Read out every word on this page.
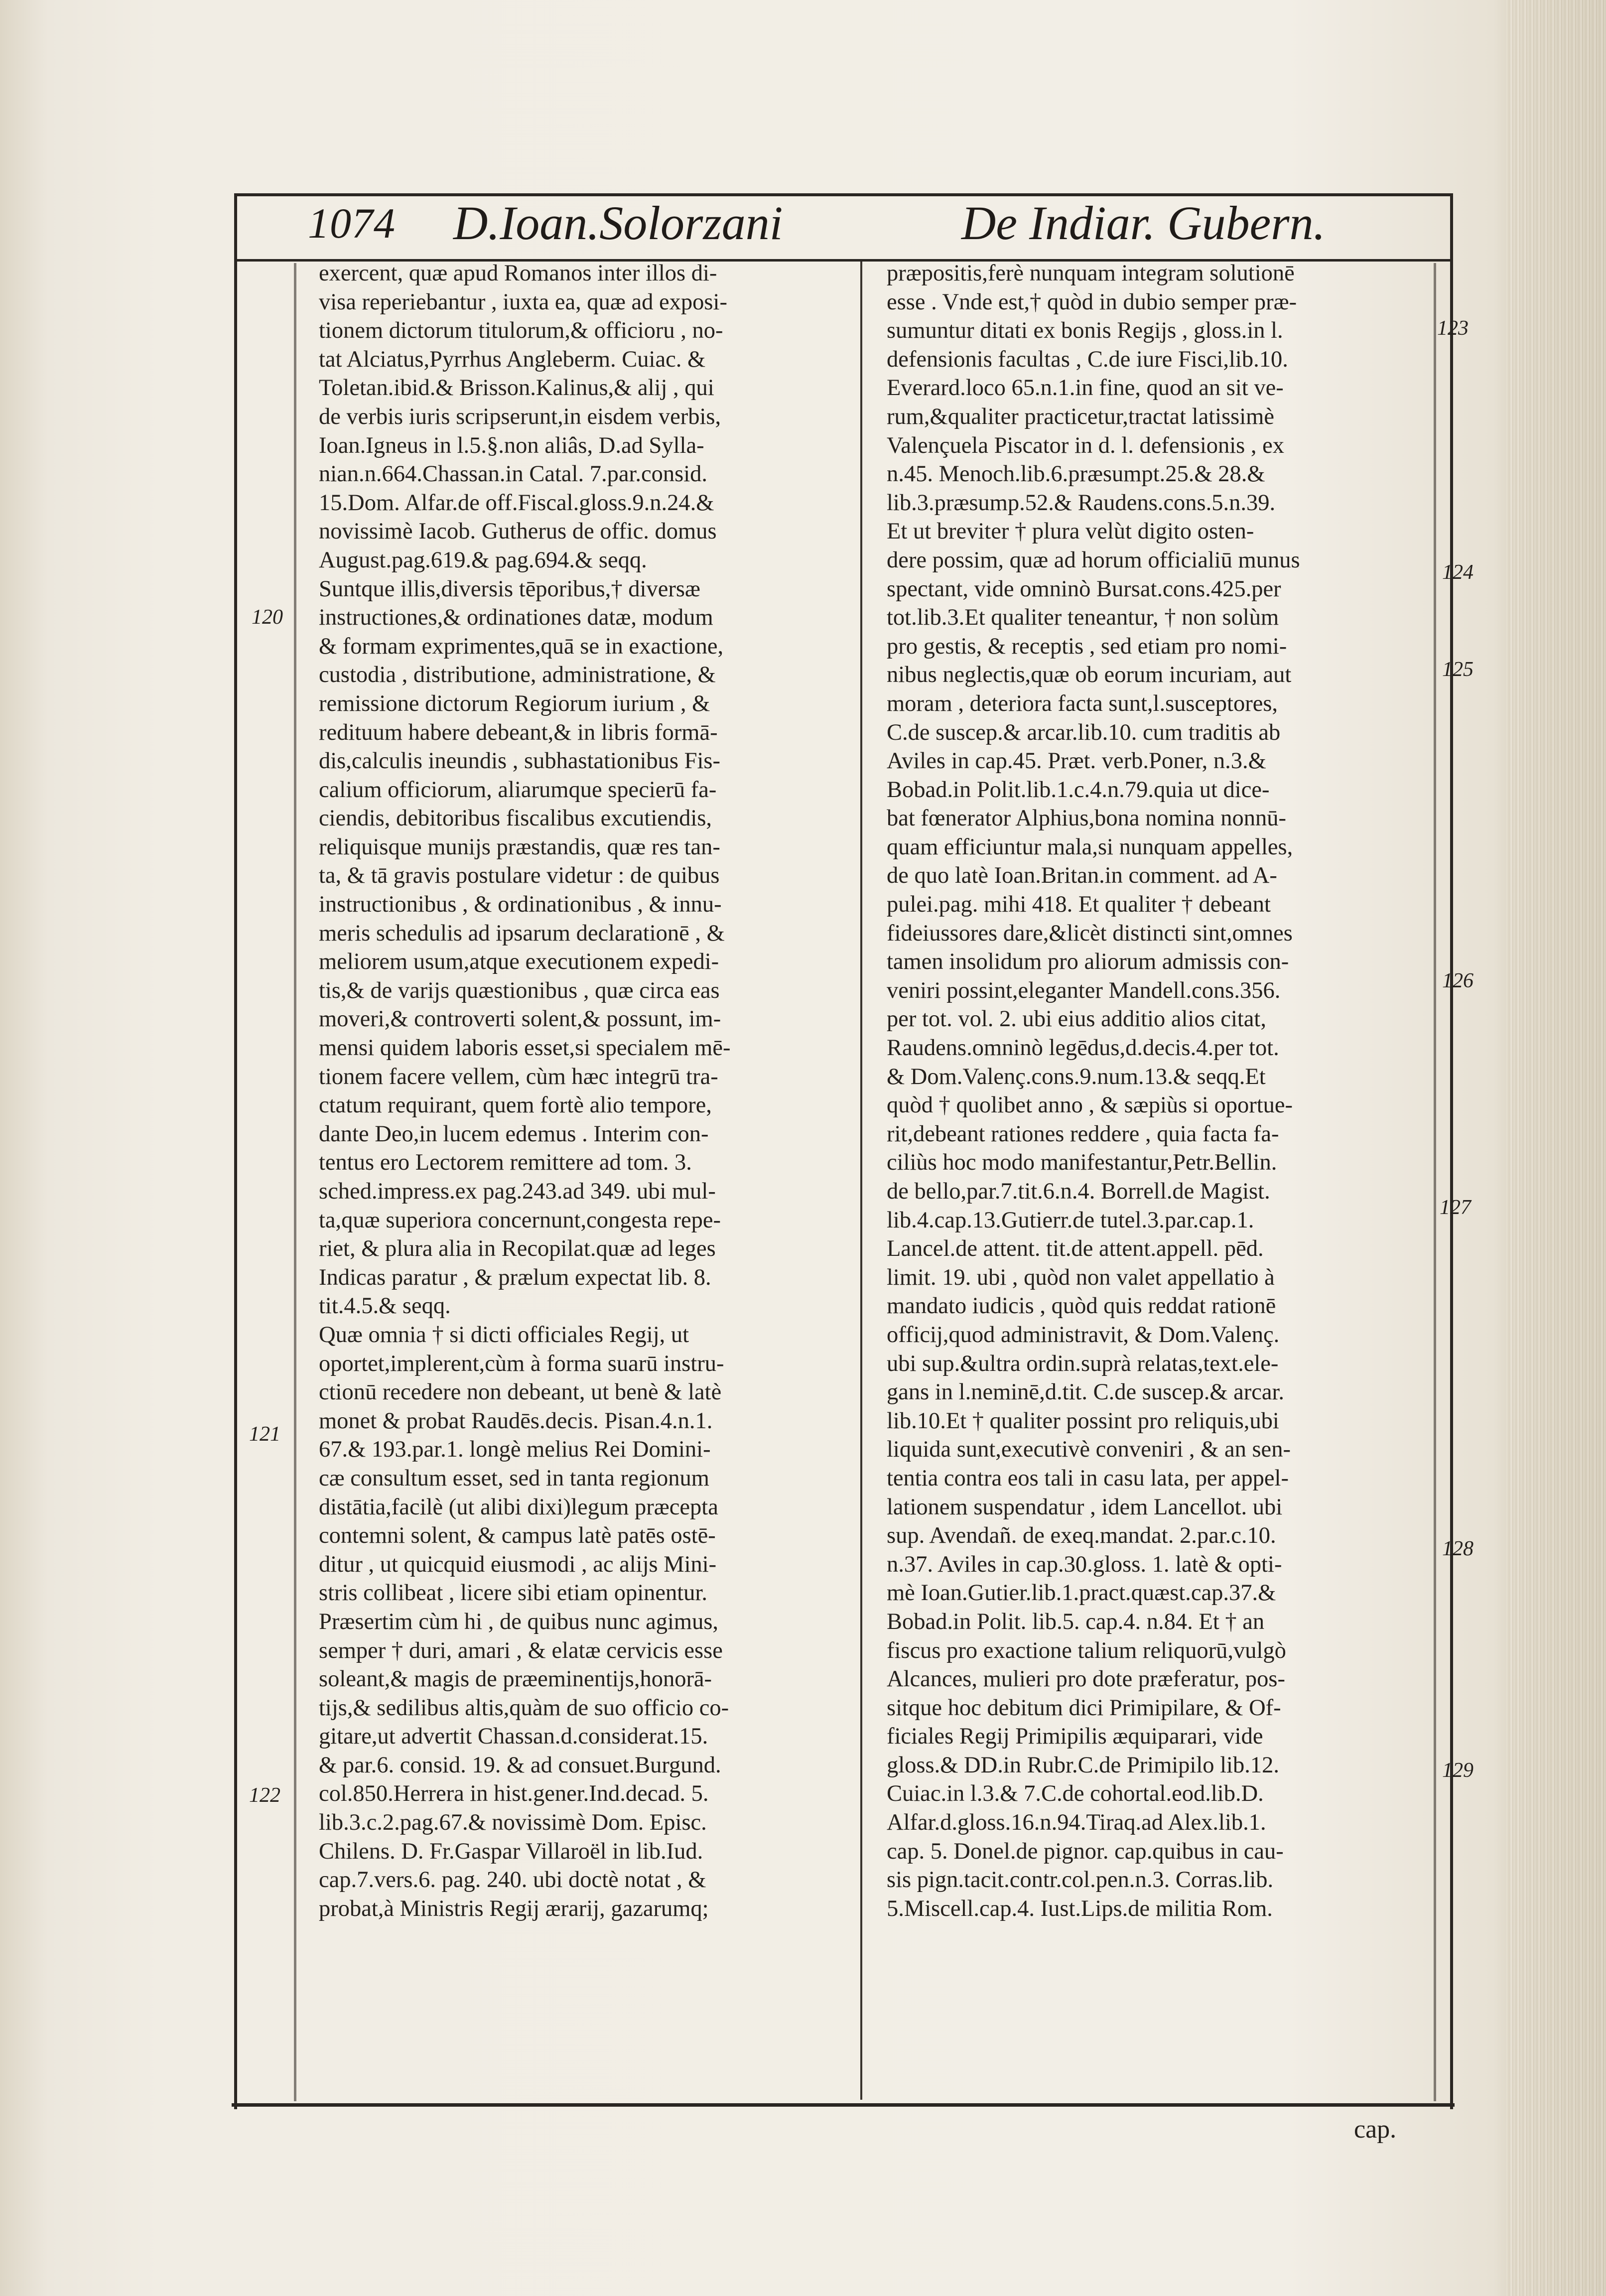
1074 D.Ioan.Solorzani	De Indiar. Gubern.
exercent, quæ apud Romanos inter illos di-
visa reperiebantur , iuxta ea, quæ ad exposi-
tionem dictorum titulorum,& officioru , no-
tat Alciatus,Pyrrhus Angleberm. Cuiac. &
Toletan.ibid.& Brisson.Kalinus,& alij , qui
de verbis iuris scripserunt,in eisdem verbis,
Ioan.Igneus in l.5.§.non aliâs, D.ad Sylla-
nian.n.664.Chassan.in Catal. 7.par.consid.
15.Dom. Alfar.de off.Fiscal.gloss.9.n.24.&
novissimè Iacob. Gutherus de offic. domus
August.pag.619.& pag.694.& seqq.
Suntque illis,diversis tēporibus,† diversæ
instructiones,& ordinationes datæ, modum
& formam exprimentes,quā se in exactione,
custodia , distributione, administratione, &
remissione dictorum Regiorum iurium , &
redituum habere debeant,& in libris formā-
dis,calculis ineundis , subhastationibus Fis-
calium officiorum, aliarumque specierū fa-
ciendis, debitoribus fiscalibus excutiendis,
reliquisque munijs præstandis, quæ res tan-
ta, & tā gravis postulare videtur : de quibus
instructionibus , & ordinationibus , & innu-
meris schedulis ad ipsarum declarationē , &
meliorem usum,atque executionem expedi-
tis,& de varijs quæstionibus , quæ circa eas
moveri,& controverti solent,& possunt, im-
mensi quidem laboris esset,si specialem mē-
tionem facere vellem, cùm hæc integrū tra-
ctatum requirant, quem fortè alio tempore,
dante Deo,in lucem edemus . Interim con-
tentus ero Lectorem remittere ad tom. 3.
sched.impress.ex pag.243.ad 349. ubi mul-
ta,quæ superiora concernunt,congesta repe-
riet, & plura alia in Recopilat.quæ ad leges
Indicas paratur , & prælum expectat lib. 8.
tit.4.5.& seqq.
Quæ omnia † si dicti officiales Regij, ut
oportet,implerent,cùm à forma suarū instru-
ctionū recedere non debeant, ut benè & latè
monet & probat Raudēs.decis. Pisan.4.n.1.
67.& 193.par.1. longè melius Rei Domini-
cæ consultum esset, sed in tanta regionum
distātia,facilè (ut alibi dixi)legum præcepta
contemni solent, & campus latè patēs ostē-
ditur , ut quicquid eiusmodi , ac alijs Mini-
stris collibeat , licere sibi etiam opinentur.
Præsertim cùm hi , de quibus nunc agimus,
semper † duri, amari , & elatæ cervicis esse
soleant,& magis de præeminentijs,honorā-
tijs,& sedilibus altis,quàm de suo officio co-
gitare,ut advertit Chassan.d.considerat.15.
& par.6. consid. 19. & ad consuet.Burgund.
col.850.Herrera in hist.gener.Ind.decad. 5.
lib.3.c.2.pag.67.& novissimè Dom. Episc.
Chilens. D. Fr.Gaspar Villaroël in lib.Iud.
cap.7.vers.6. pag. 240. ubi doctè notat , &
probat,à Ministris Regij ærarij, gazarumq;
præpositis,ferè nunquam integram solutionē
esse . Vnde est,† quòd in dubio semper præ-
sumuntur ditati ex bonis Regijs , gloss.in l.
defensionis facultas , C.de iure Fisci,lib.10.
Everard.loco 65.n.1.in fine, quod an sit ve-
rum,&qualiter practicetur,tractat latissimè
Valençuela Piscator in d. l. defensionis , ex
n.45. Menoch.lib.6.præsumpt.25.& 28.&
lib.3.præsump.52.& Raudens.cons.5.n.39.
Et ut breviter † plura velùt digito osten-
dere possim, quæ ad horum officialiū munus
spectant, vide omninò Bursat.cons.425.per
tot.lib.3.Et qualiter teneantur, † non solùm
pro gestis, & receptis , sed etiam pro nomi-
nibus neglectis,quæ ob eorum incuriam, aut
moram , deteriora facta sunt,l.susceptores,
C.de suscep.& arcar.lib.10. cum traditis ab
Aviles in cap.45. Præt. verb.Poner, n.3.&
Bobad.in Polit.lib.1.c.4.n.79.quia ut dice-
bat fœnerator Alphius,bona nomina nonnū-
quam efficiuntur mala,si nunquam appelles,
de quo latè Ioan.Britan.in comment. ad A-
pulei.pag. mihi 418. Et qualiter † debeant
fideiussores dare,&licèt distincti sint,omnes
tamen insolidum pro aliorum admissis con-
veniri possint,eleganter Mandell.cons.356.
per tot. vol. 2. ubi eius additio alios citat,
Raudens.omninò legēdus,d.decis.4.per tot.
& Dom.Valenç.cons.9.num.13.& seqq.Et
quòd † quolibet anno , & sæpiùs si oportue-
rit,debeant rationes reddere , quia facta fa-
ciliùs hoc modo manifestantur,Petr.Bellin.
de bello,par.7.tit.6.n.4. Borrell.de Magist.
lib.4.cap.13.Gutierr.de tutel.3.par.cap.1.
Lancel.de attent. tit.de attent.appell. pēd.
limit. 19. ubi , quòd non valet appellatio à
mandato iudicis , quòd quis reddat rationē
officij,quod administravit, & Dom.Valenç.
ubi sup.&ultra ordin.suprà relatas,text.ele-
gans in l.neminē,d.tit. C.de suscep.& arcar.
lib.10.Et † qualiter possint pro reliquis,ubi
liquida sunt,executivè conveniri , & an sen-
tentia contra eos tali in casu lata, per appel-
lationem suspendatur , idem Lancellot. ubi
sup. Avendañ. de exeq.mandat. 2.par.c.10.
n.37. Aviles in cap.30.gloss. 1. latè & opti-
mè Ioan.Gutier.lib.1.pract.quæst.cap.37.&
Bobad.in Polit. lib.5. cap.4. n.84. Et † an
fiscus pro exactione talium reliquorū,vulgò
Alcances, mulieri pro dote præferatur, pos-
sitque hoc debitum dici Primipilare, & Of-
ficiales Regij Primipilis æquiparari, vide
gloss.& DD.in Rubr.C.de Primipilo lib.12.
Cuiac.in l.3.& 7.C.de cohortal.eod.lib.D.
Alfar.d.gloss.16.n.94.Tiraq.ad Alex.lib.1.
cap. 5. Donel.de pignor. cap.quibus in cau-
sis pign.tacit.contr.col.pen.n.3. Corras.lib.
5.Miscell.cap.4. Iust.Lips.de militia Rom.
120
121
122
123
124
125
126
127
128
129
cap.
